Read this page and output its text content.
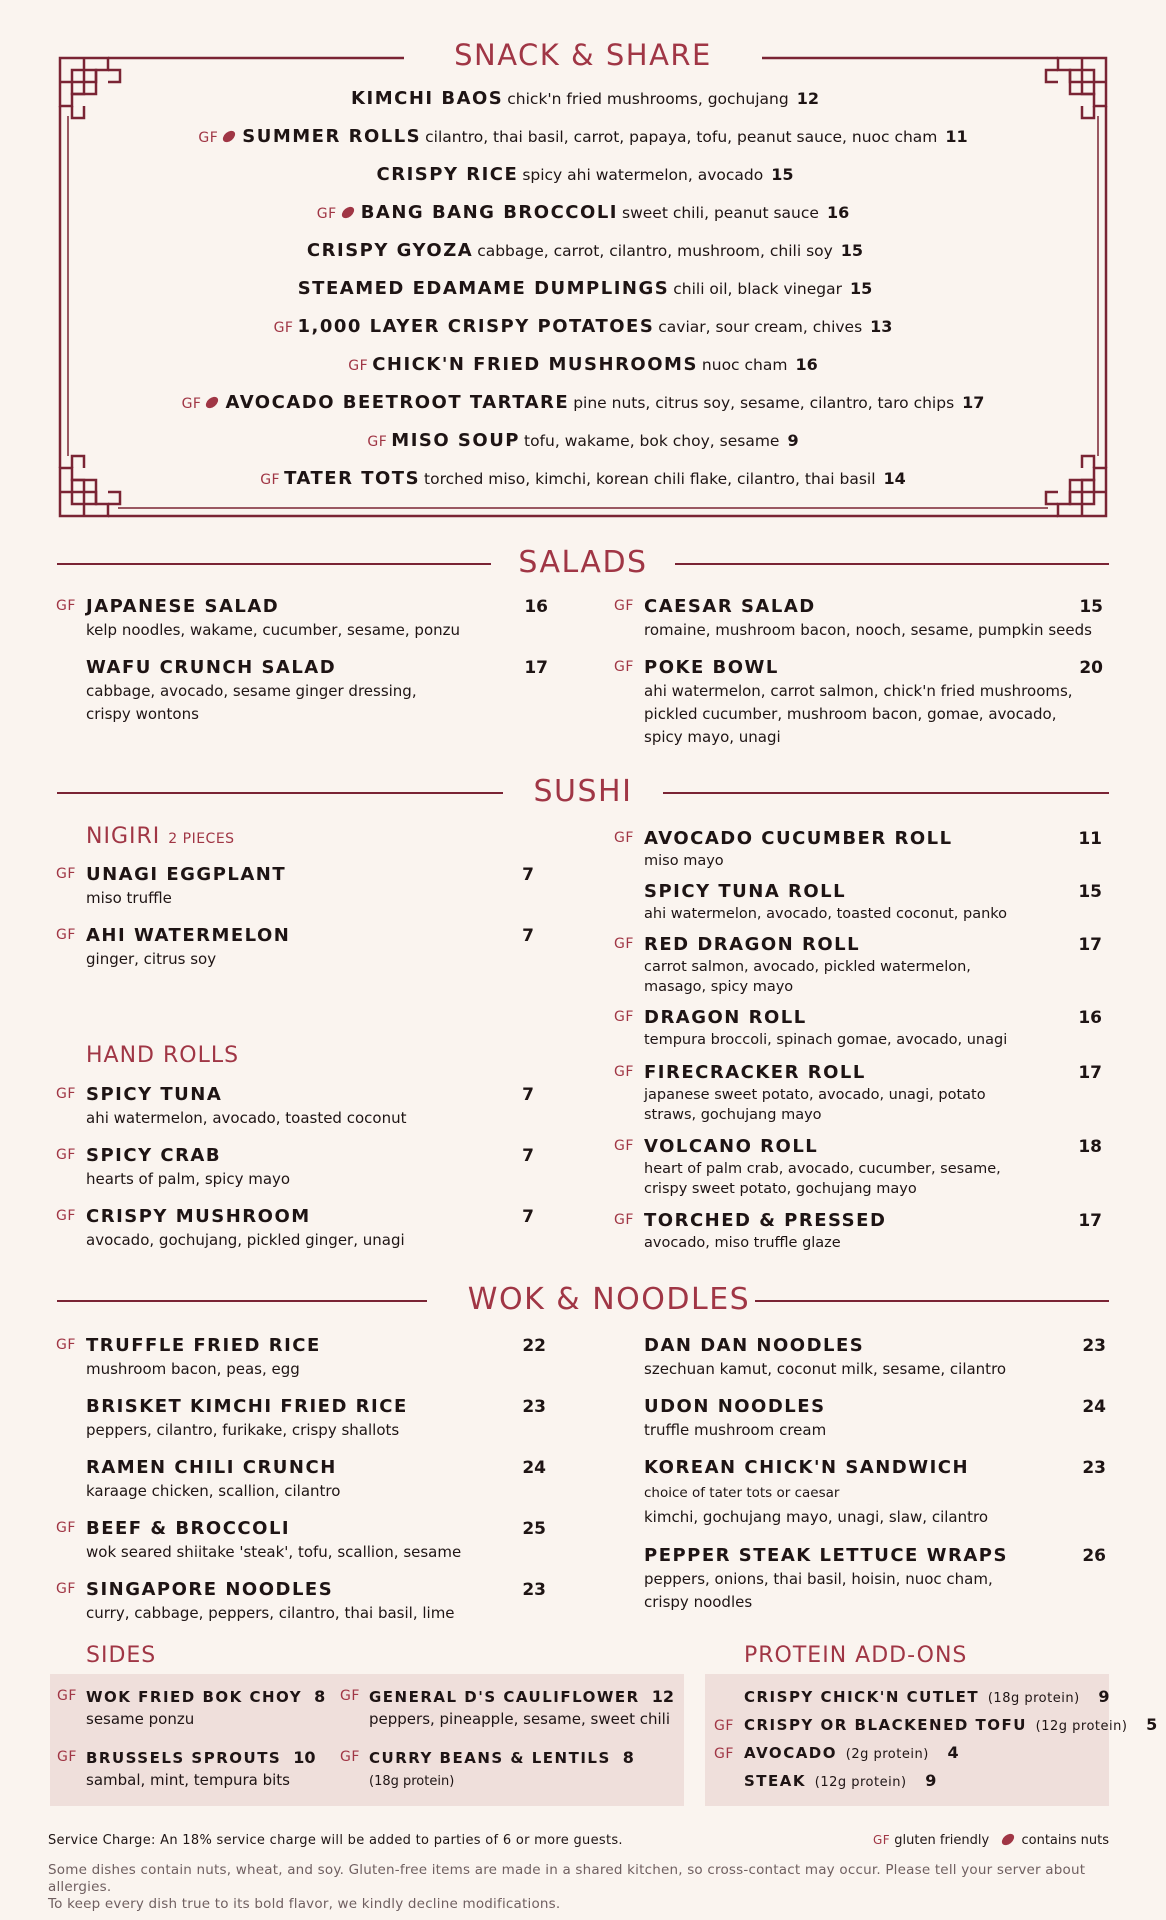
SNACK & SHARE
KIMCHI BAOS chick'n fried mushrooms, gochujang 12
GF SUMMER ROLLS cilantro, thai basil, carrot, papaya, tofu, peanut sauce, nuoc cham 11
CRISPY RICE spicy ahi watermelon, avocado 15
GF BANG BANG BROCCOLI sweet chili, peanut sauce 16
CRISPY GYOZA cabbage, carrot, cilantro, mushroom, chili soy 15
STEAMED EDAMAME DUMPLINGS chili oil, black vinegar 15
GF 1,000 LAYER CRISPY POTATOES caviar, sour cream, chives 13
GF CHICK'N FRIED MUSHROOMS nuoc cham 16
GF AVOCADO BEETROOT TARTARE pine nuts, citrus soy, sesame, cilantro, taro chips 17
GF MISO SOUP tofu, wakame, bok choy, sesame 9
GF TATER TOTS torched miso, kimchi, korean chili flake, cilantro, thai basil 14
SALADS
GF JAPANESE SALAD
kelp noodles, wakame, cucumber, sesame, ponzu
16
WAFU CRUNCH SALAD
cabbage, avocado, sesame ginger dressing,
crispy wontons
17
GF CAESAR SALAD
romaine, mushroom bacon, nooch, sesame, pumpkin seeds
15
GF POKE BOWL
ahi watermelon, carrot salmon, chick'n fried mushrooms,
pickled cucumber, mushroom bacon, gomae, avocado,
spicy mayo, unagi
20
SUSHI
NIGIRI 2 PIECES
GF UNAGI EGGPLANT
miso truffle
7
GF AHI WATERMELON
ginger, citrus soy
7
HAND ROLLS
GF SPICY TUNA
ahi watermelon, avocado, toasted coconut
7
GF SPICY CRAB
hearts of palm, spicy mayo
7
GF CRISPY MUSHROOM
avocado, gochujang, pickled ginger, unagi
7
GF AVOCADO CUCUMBER ROLL
miso mayo
11
SPICY TUNA ROLL
ahi watermelon, avocado, toasted coconut, panko
15
GF RED DRAGON ROLL
carrot salmon, avocado, pickled watermelon,
masago, spicy mayo
17
GF DRAGON ROLL
tempura broccoli, spinach gomae, avocado, unagi
16
GF FIRECRACKER ROLL
japanese sweet potato, avocado, unagi, potato
straws, gochujang mayo
17
GF VOLCANO ROLL
heart of palm crab, avocado, cucumber, sesame,
crispy sweet potato, gochujang mayo
18
GF TORCHED & PRESSED
avocado, miso truffle glaze
17
WOK & NOODLES
GF TRUFFLE FRIED RICE
mushroom bacon, peas, egg
22
BRISKET KIMCHI FRIED RICE
peppers, cilantro, furikake, crispy shallots
23
RAMEN CHILI CRUNCH
karaage chicken, scallion, cilantro
24
GF BEEF & BROCCOLI
wok seared shiitake 'steak', tofu, scallion, sesame
25
GF SINGAPORE NOODLES
curry, cabbage, peppers, cilantro, thai basil, lime
23
DAN DAN NOODLES
szechuan kamut, coconut milk, sesame, cilantro
23
UDON NOODLES
truffle mushroom cream
24
KOREAN CHICK'N SANDWICH
choice of tater tots or caesar
kimchi, gochujang mayo, unagi, slaw, cilantro
23
PEPPER STEAK LETTUCE WRAPS
peppers, onions, thai basil, hoisin, nuoc cham,
crispy noodles
26
SIDES
GF WOK FRIED BOK CHOY 8
sesame ponzu
GF GENERAL D'S CAULIFLOWER 12
peppers, pineapple, sesame, sweet chili
GF BRUSSELS SPROUTS 10
sambal, mint, tempura bits
GF CURRY BEANS & LENTILS 8
(18g protein)
PROTEIN ADD-ONS
CRISPY CHICK'N CUTLET (18g protein) 9
GF CRISPY OR BLACKENED TOFU (12g protein) 5
GF AVOCADO (2g protein) 4
STEAK (12g protein) 9
Service Charge: An 18% service charge will be added to parties of 6 or more guests.	GF gluten friendly contains nuts
Some dishes contain nuts, wheat, and soy. Gluten-free items are made in a shared kitchen, so cross-contact may occur. Please tell your server about allergies.
To keep every dish true to its bold flavor, we kindly decline modifications.
